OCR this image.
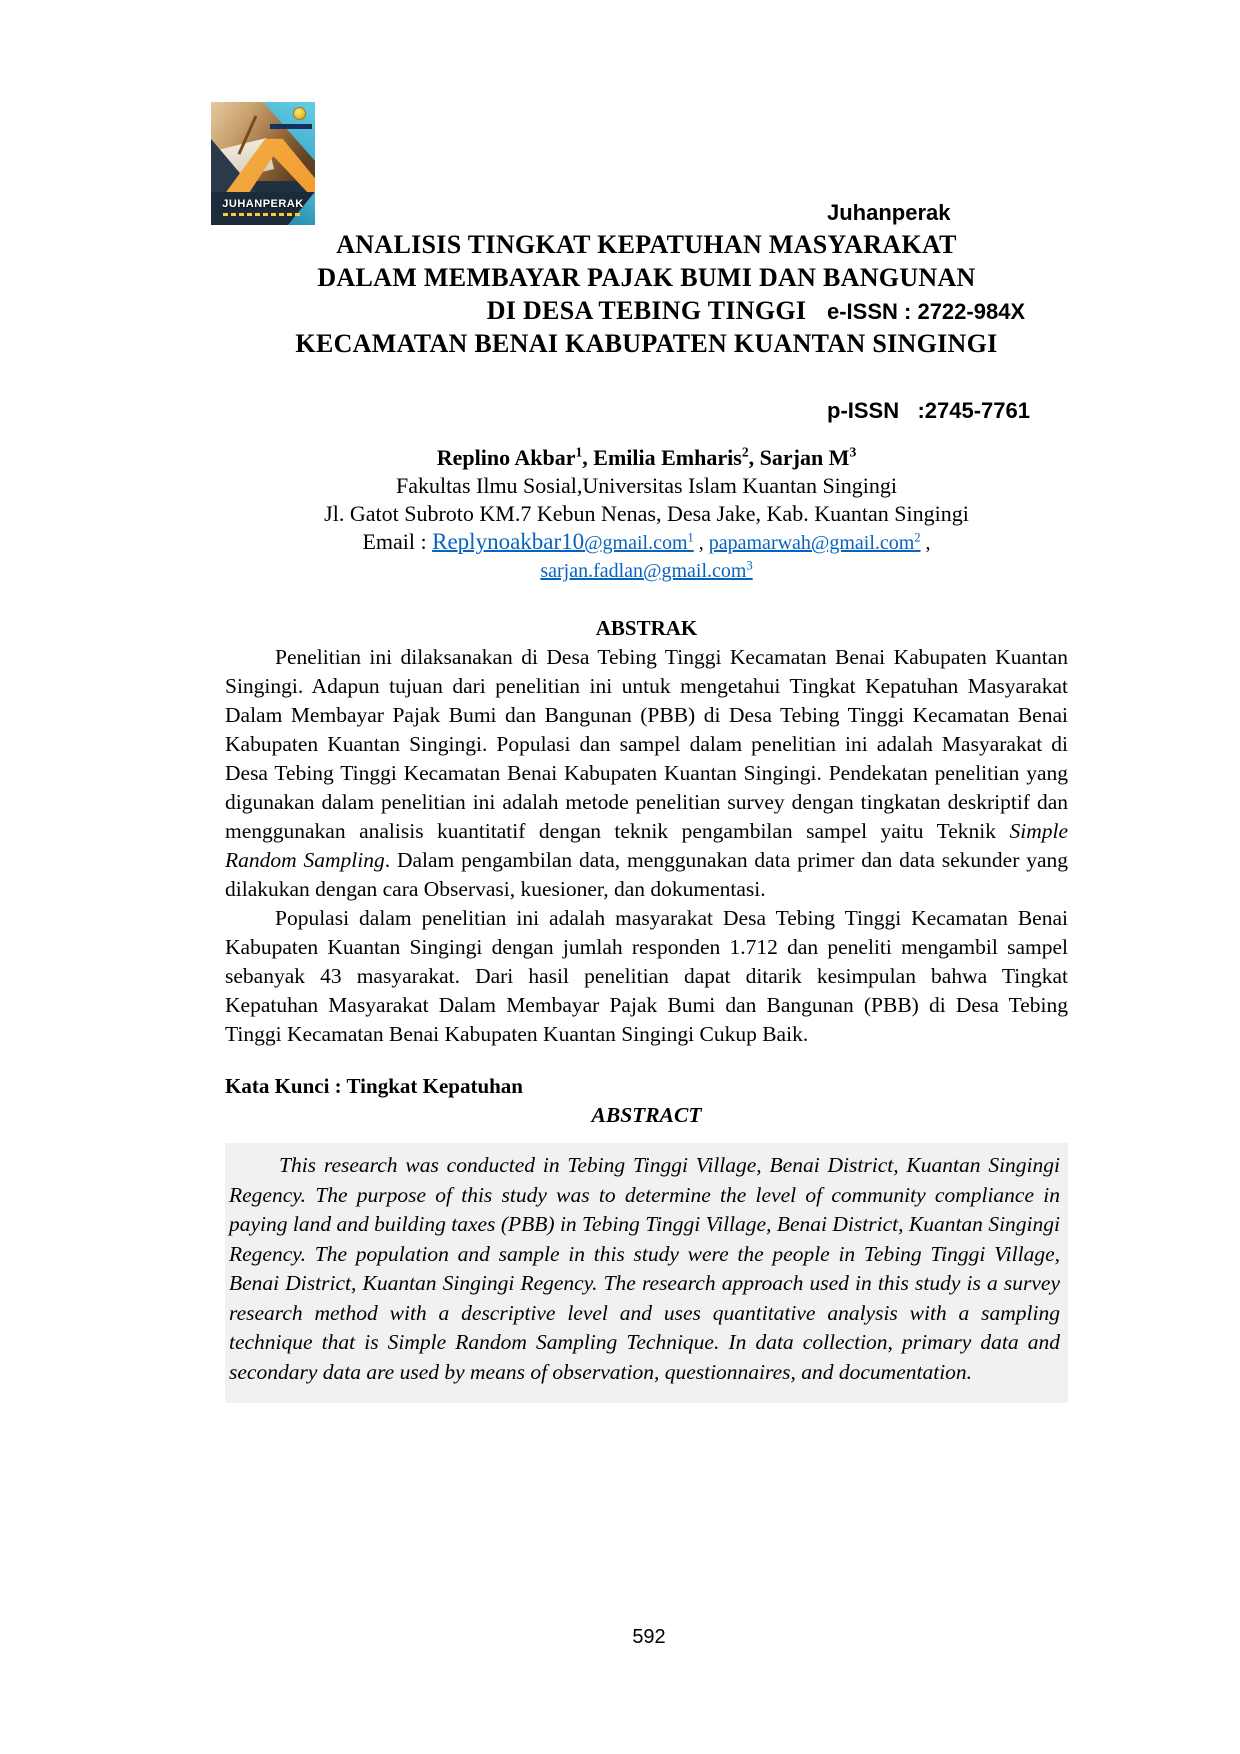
JUHANPERAK

	Juhanperak

e-ISSN : 2722-984X

p-ISSN   :2745-7761

ANALISIS TINGKAT KEPATUHAN MASYARAKAT
DALAM MEMBAYAR PAJAK BUMI DAN BANGUNAN
DI DESA TEBING TINGGI
KECAMATAN BENAI KABUPATEN KUANTAN SINGINGI
Replino Akbar$^1$, Emilia Emharis$^2$, Sarjan $M^3$
Fakultas Ilmu Sosial,Universitas Islam Kuantan Singingi
Jl. Gatot Subroto KM.7 Kebun Nenas, Desa Jake, Kab. Kuantan Singingi
Email : Replynoakbar10@gmail.com$^1$ , papamarwah@gmail.com$^2$ , sarjan.fadlan@gmail.com$^3$
ABSTRAK

Penelitian ini dilaksanakan di Desa Tebing Tinggi Kecamatan Benai Kabupaten Kuantan Singingi. Adapun tujuan dari penelitian ini untuk mengetahui Tingkat Kepatuhan Masyarakat Dalam Membayar Pajak Bumi dan Bangunan (PBB) di Desa Tebing Tinggi Kecamatan Benai Kabupaten Kuantan Singingi. Populasi dan sampel dalam penelitian ini adalah Masyarakat di Desa Tebing Tinggi Kecamatan Benai Kabupaten Kuantan Singingi. Pendekatan penelitian yang digunakan dalam penelitian ini adalah metode penelitian survey dengan tingkatan deskriptif dan menggunakan analisis kuantitatif dengan teknik pengambilan sampel yaitu Teknik Simple Random Sampling. Dalam pengambilan data, menggunakan data primer dan data sekunder yang dilakukan dengan cara Observasi, kuesioner, dan dokumentasi.

Populasi dalam penelitian ini adalah masyarakat Desa Tebing Tinggi Kecamatan Benai Kabupaten Kuantan Singingi dengan jumlah responden 1.712 dan peneliti mengambil sampel sebanyak 43 masyarakat. Dari hasil penelitian dapat ditarik kesimpulan bahwa Tingkat Kepatuhan Masyarakat Dalam Membayar Pajak Bumi dan Bangunan (PBB) di Desa Tebing Tinggi Kecamatan Benai Kabupaten Kuantan Singingi Cukup Baik.

Kata Kunci : Tingkat Kepatuhan
ABSTRACT

This research was conducted in Tebing Tinggi Village, Benai District, Kuantan Singingi Regency. The purpose of this study was to determine the level of community compliance in paying land and building taxes (PBB) in Tebing Tinggi Village, Benai District, Kuantan Singingi Regency. The population and sample in this study were the people in Tebing Tinggi Village, Benai District, Kuantan Singingi Regency. The research approach used in this study is a survey research method with a descriptive level and uses quantitative analysis with a sampling technique that is Simple Random Sampling Technique. In data collection, primary data and secondary data are used by means of observation, questionnaires, and documentation.

592
